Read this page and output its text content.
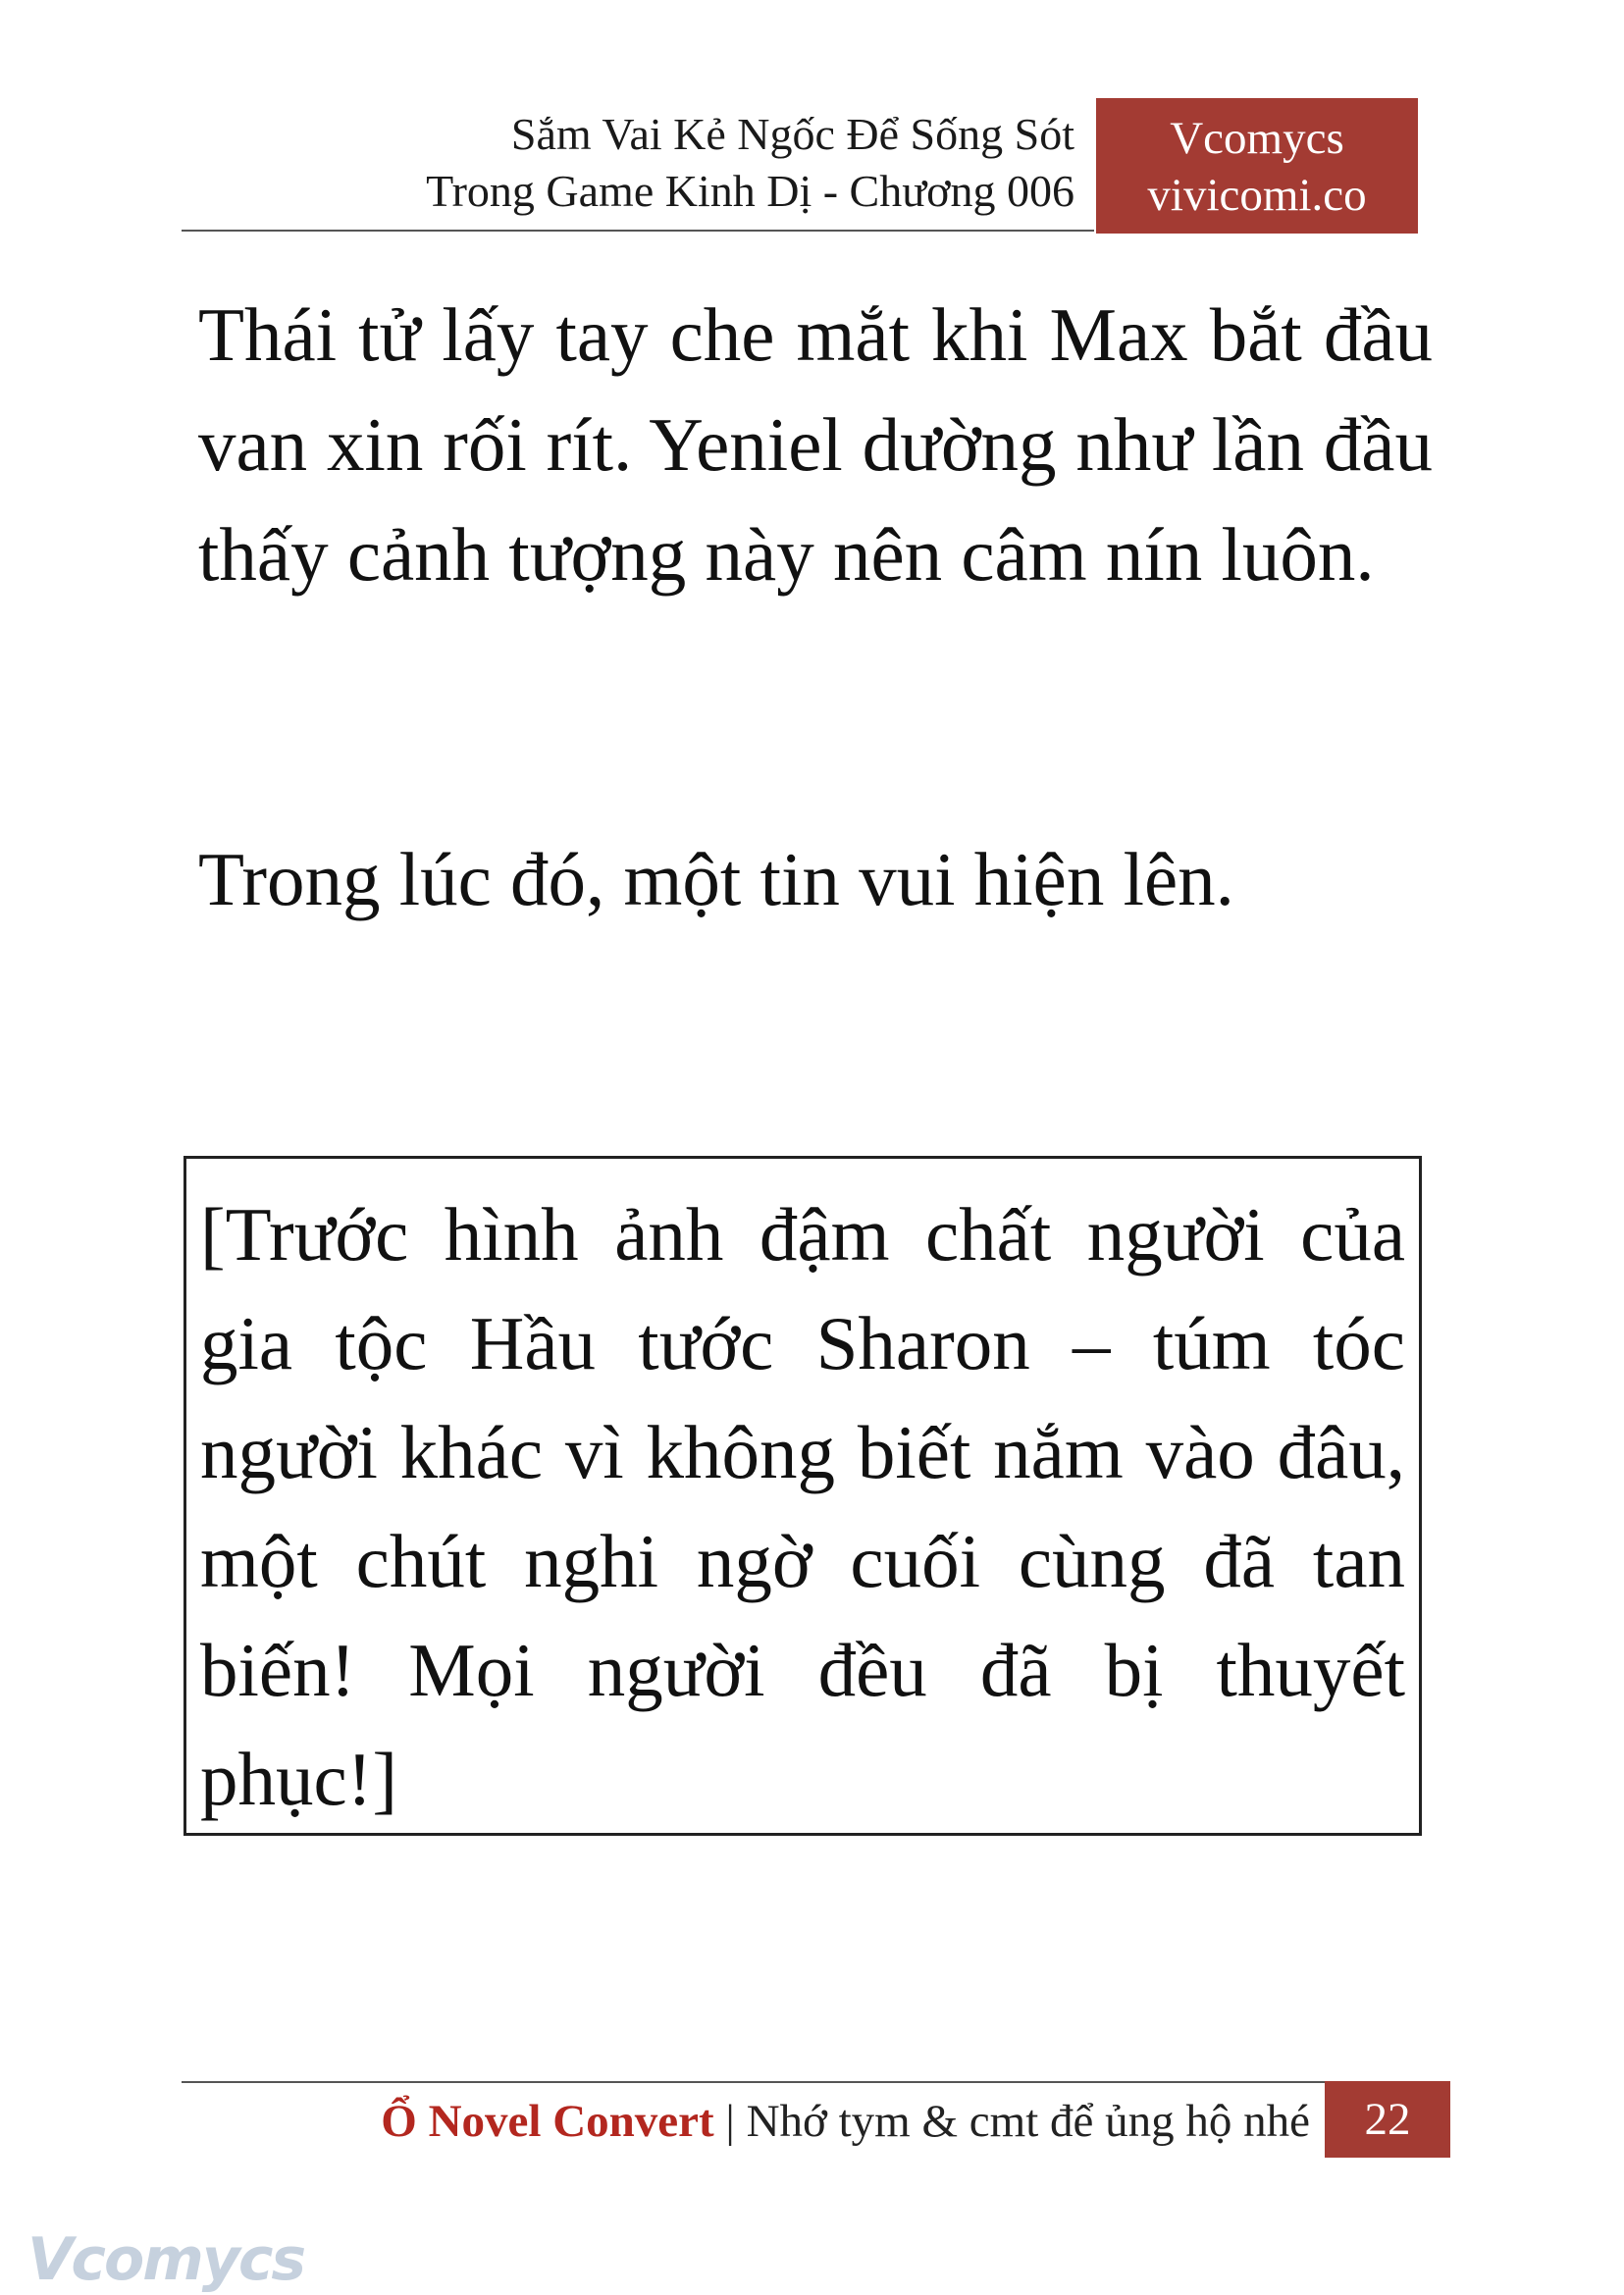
Sắm Vai Kẻ Ngốc Để Sống Sót
Trong Game Kinh Dị - Chương 006
Vcomycs
vivicomi.co
Thái tử lấy tay che mắt khi Max bắt đầu van xin rối rít. Yeniel dường như lần đầu thấy cảnh tượng này nên câm nín luôn.
Trong lúc đó, một tin vui hiện lên.
[Trước hình ảnh đậm chất người của gia tộc Hầu tước Sharon – túm tóc người khác vì không biết nắm vào đâu, một chút nghi ngờ cuối cùng đã tan biến! Mọi người đều đã bị thuyết phục!]
Ổ Novel Convert | Nhớ tym & cmt để ủng hộ nhé	22
Vcomycs
